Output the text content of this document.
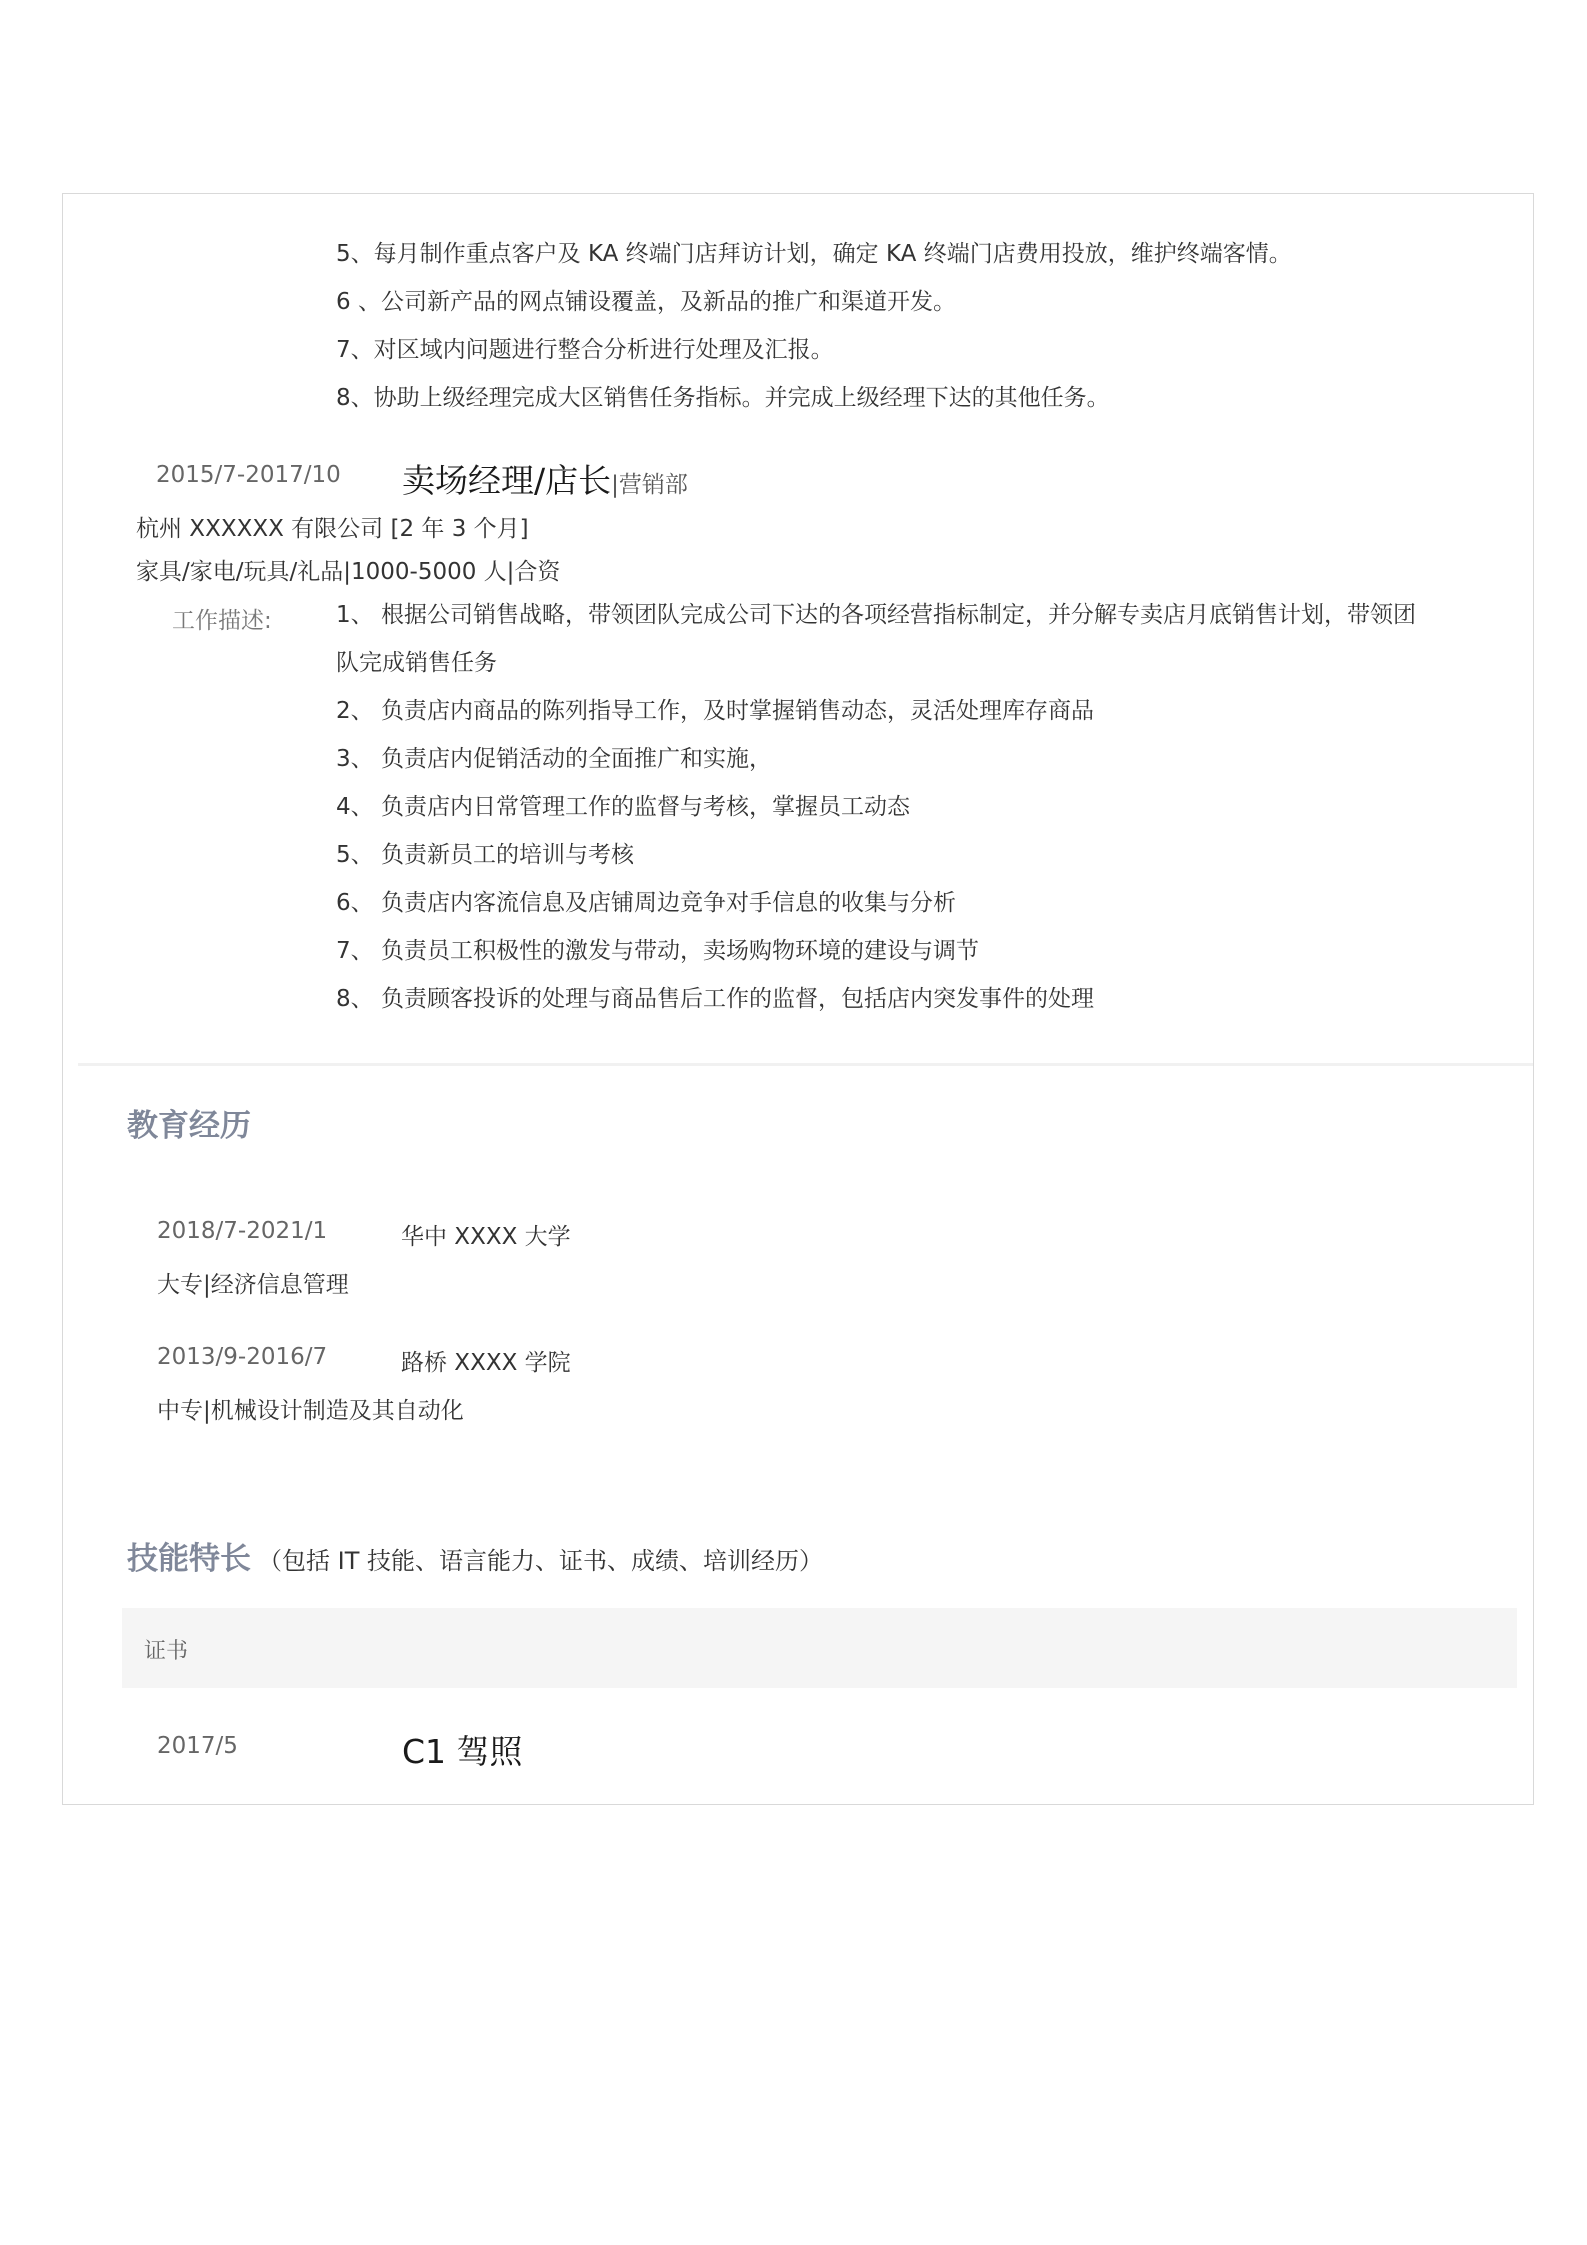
5、每月制作重点客户及 KA 终端门店拜访计划，确定 KA 终端门店费用投放，维护终端客情。
6 、公司新产品的网点铺设覆盖，及新品的推广和渠道开发。
7、对区域内问题进行整合分析进行处理及汇报。
8、协助上级经理完成大区销售任务指标。并完成上级经理下达的其他任务。
2015/7-2017/10 卖场经理/店长|营销部
杭州 XXXXXX 有限公司 [2 年 3 个月]
家具/家电/玩具/礼品|1000-5000 人|合资
工作描述:	1、 根据公司销售战略，带领团队完成公司下达的各项经营指标制定，并分解专卖店月底销售计划，带领团
队完成销售任务
2、 负责店内商品的陈列指导工作，及时掌握销售动态，灵活处理库存商品
3、 负责店内促销活动的全面推广和实施，
4、 负责店内日常管理工作的监督与考核，掌握员工动态
5、 负责新员工的培训与考核
6、 负责店内客流信息及店铺周边竞争对手信息的收集与分析
7、 负责员工积极性的激发与带动，卖场购物环境的建设与调节
8、 负责顾客投诉的处理与商品售后工作的监督，包括店内突发事件的处理
教育经历
2018/7-2021/1	华中 XXXX 大学
大专|经济信息管理
2013/9-2016/7	路桥 XXXX 学院
中专|机械设计制造及其自动化
技能特长 （包括 IT 技能、语言能力、证书、成绩、培训经历）
证书
2017/5	C1 驾照
